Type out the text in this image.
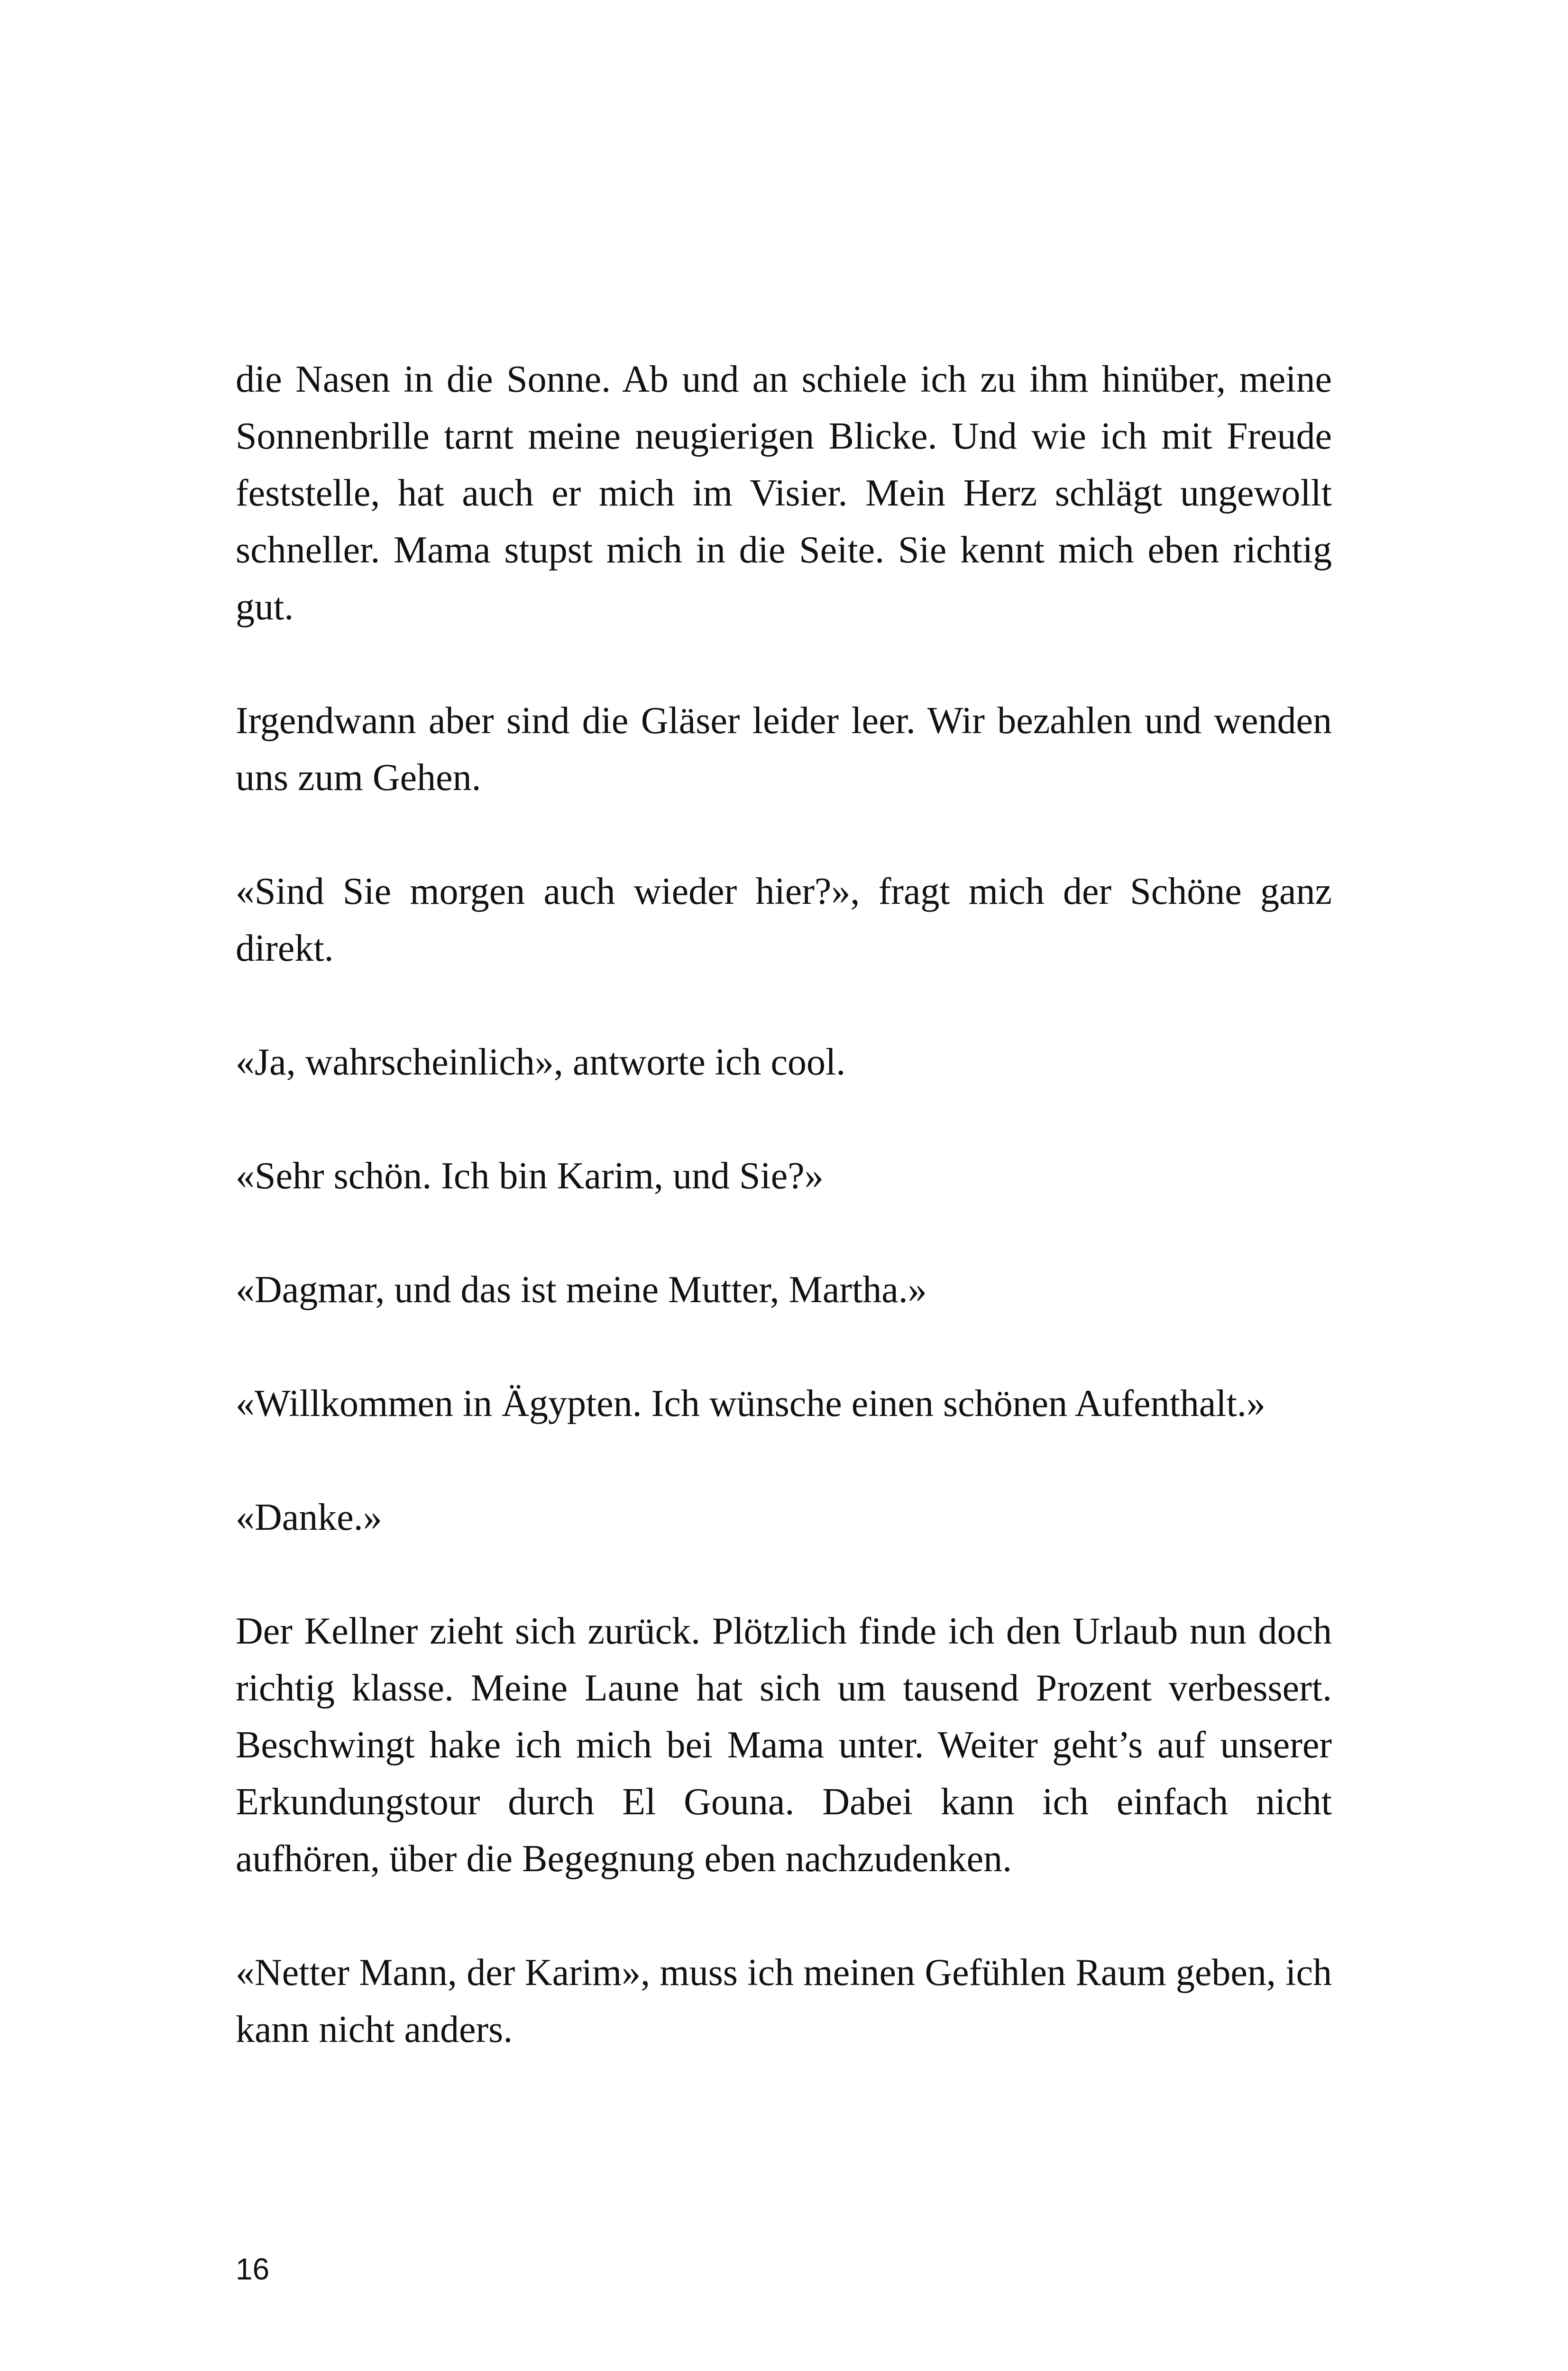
die Nasen in die Sonne. Ab und an schiele ich zu ihm hinüber, meine Sonnenbrille tarnt meine neugierigen Blicke. Und wie ich mit Freude feststelle, hat auch er mich im Visier. Mein Herz schlägt ungewollt schneller. Mama stupst mich in die Seite. Sie kennt mich eben richtig gut.

Irgendwann aber sind die Gläser leider leer. Wir bezahlen und wenden uns zum Gehen.

«Sind Sie morgen auch wieder hier?», fragt mich der Schöne ganz direkt.

«Ja, wahrscheinlich», antworte ich cool.

«Sehr schön. Ich bin Karim, und Sie?»

«Dagmar, und das ist meine Mutter, Martha.»

«Willkommen in Ägypten. Ich wünsche einen schönen Aufenthalt.»

«Danke.»

Der Kellner zieht sich zurück. Plötzlich finde ich den Urlaub nun doch richtig klasse. Meine Laune hat sich um tausend Prozent verbessert. Beschwingt hake ich mich bei Mama unter. Weiter geht’s auf unserer Erkundungstour durch El Gouna. Dabei kann ich einfach nicht aufhören, über die Begegnung eben nachzudenken.

«Netter Mann, der Karim», muss ich meinen Gefühlen Raum geben, ich kann nicht anders.

16
